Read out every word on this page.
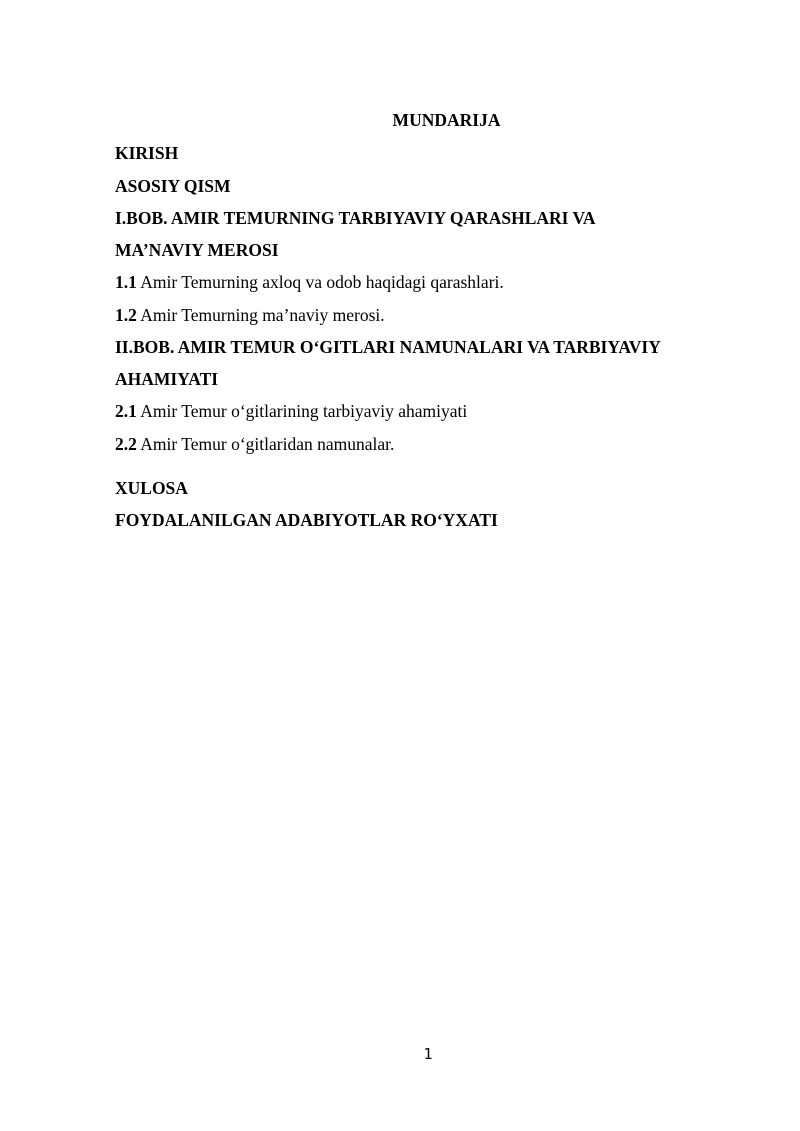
MUNDARIJA
KIRISH
ASOSIY QISM
I.BOB. AMIR TEMURNING TARBIYAVIY QARASHLARI VA
MA’NAVIY MEROSI
1.1 Amir Temurning axloq va odob haqidagi qarashlari.
1.2 Amir Temurning ma’naviy merosi.
II.BOB. AMIR TEMUR O‘GITLARI NAMUNALARI VA TARBIYAVIY
AHAMIYATI
2.1 Amir Temur o‘gitlarining tarbiyaviy ahamiyati
2.2 Amir Temur o‘gitlaridan namunalar.
XULOSA
FOYDALANILGAN ADABIYOTLAR RO‘YXATI
1
